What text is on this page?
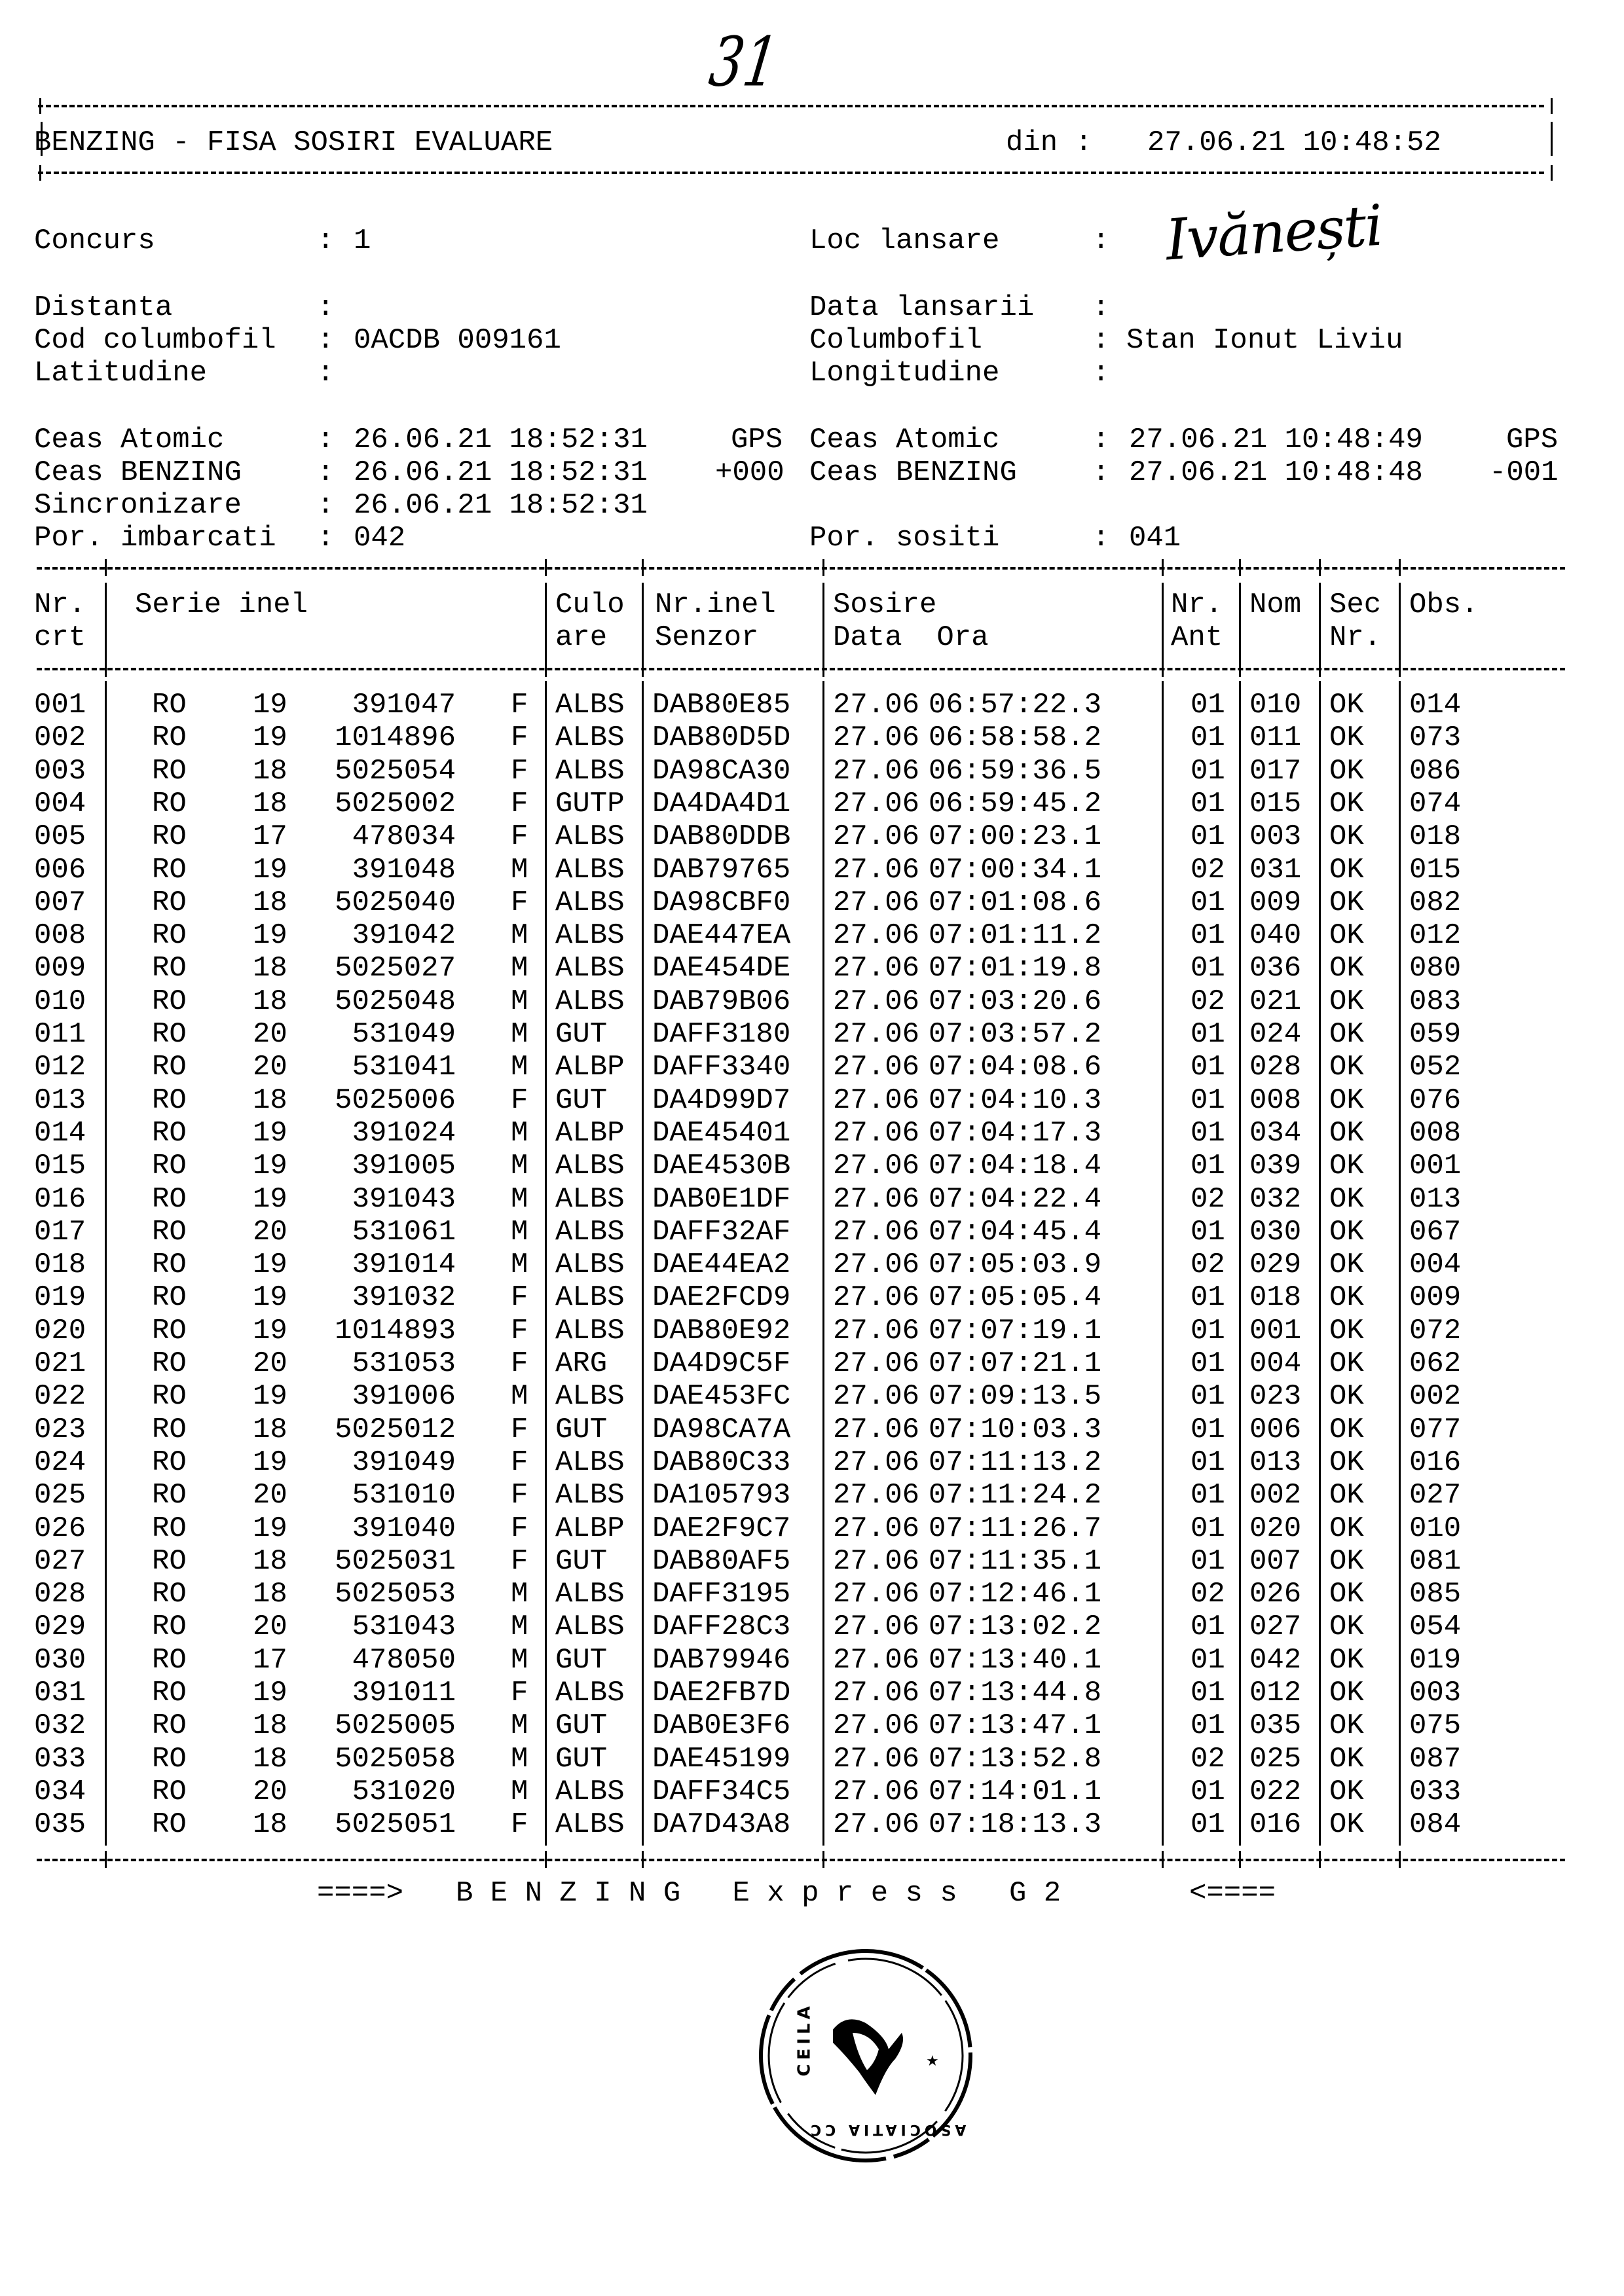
31
BENZING - FISA SOSIRI EVALUARE	din : 27.06.21 10:48:52
Concurs	: 1	Loc lansare	: Ivănești
Distanta	:	Data lansarii :
Cod columbofil : 0ACDB 009161	Columbofil	: Stan Ionut Liviu
Latitudine	:	Longitudine	:
Ceas Atomic	: 26.06.21 18:52:31	GPS Ceas Atomic	: 27.06.21 10:48:49	GPS
Ceas BENZING	: 26.06.21 18:52:31 +000 Ceas BENZING	: 27.06.21 10:48:48 -001
Sincronizare	: 26.06.21 18:52:31
Por. imbarcati : 042	Por. sositi	: 041
Nr.
crt
Serie inel	Culo
are
Nr.inel
Senzor
Sosire
Data  Ora
Nr.
Ant
Nom Sec
Nr.
Obs.
001 RO	19	391047 F ALBS DAB80E85	27.06 06:57:22.3	01 010 OK	014
002 RO	19	1014896 F ALBS DAB80D5D	27.06 06:58:58.2	01 011 OK	073
003 RO	18	5025054 F ALBS DA98CA30	27.06 06:59:36.5	01 017 OK	086
004 RO	18	5025002 F GUTP DA4DA4D1	27.06 06:59:45.2	01 015 OK	074
005 RO	17	478034 F ALBS DAB80DDB	27.06 07:00:23.1	01 003 OK	018
006 RO	19	391048 M ALBS DAB79765	27.06 07:00:34.1	02 031 OK	015
007 RO	18	5025040 F ALBS DA98CBF0	27.06 07:01:08.6	01 009 OK	082
008 RO	19	391042 M ALBS DAE447EA	27.06 07:01:11.2	01 040 OK	012
009 RO	18	5025027 M ALBS DAE454DE	27.06 07:01:19.8	01 036 OK	080
010 RO	18	5025048 M ALBS DAB79B06	27.06 07:03:20.6	02 021 OK	083
011 RO	20	531049 M GUT	DAFF3180	27.06 07:03:57.2	01 024 OK	059
012 RO	20	531041 M ALBP DAFF3340	27.06 07:04:08.6	01 028 OK	052
013 RO	18	5025006 F GUT	DA4D99D7	27.06 07:04:10.3	01 008 OK	076
014 RO	19	391024 M ALBP DAE45401	27.06 07:04:17.3	01 034 OK	008
015 RO	19	391005 M ALBS DAE4530B	27.06 07:04:18.4	01 039 OK	001
016 RO	19	391043 M ALBS DAB0E1DF	27.06 07:04:22.4	02 032 OK	013
017 RO	20	531061 M ALBS DAFF32AF	27.06 07:04:45.4	01 030 OK	067
018 RO	19	391014 M ALBS DAE44EA2	27.06 07:05:03.9	02 029 OK	004
019 RO	19	391032 F ALBS DAE2FCD9	27.06 07:05:05.4	01 018 OK	009
020 RO	19	1014893 F ALBS DAB80E92	27.06 07:07:19.1	01 001 OK	072
021 RO	20	531053 F ARG	DA4D9C5F	27.06 07:07:21.1	01 004 OK	062
022 RO	19	391006 M ALBS DAE453FC	27.06 07:09:13.5	01 023 OK	002
023 RO	18	5025012 F GUT	DA98CA7A	27.06 07:10:03.3	01 006 OK	077
024 RO	19	391049 F ALBS DAB80C33	27.06 07:11:13.2	01 013 OK	016
025 RO	20	531010 F ALBS DA105793	27.06 07:11:24.2	01 002 OK	027
026 RO	19	391040 F ALBP DAE2F9C7	27.06 07:11:26.7	01 020 OK	010
027 RO	18	5025031 F GUT	DAB80AF5	27.06 07:11:35.1	01 007 OK	081
028 RO	18	5025053 M ALBS DAFF3195	27.06 07:12:46.1	02 026 OK	085
029 RO	20	531043 M ALBS DAFF28C3	27.06 07:13:02.2	01 027 OK	054
030 RO	17	478050 M GUT	DAB79946	27.06 07:13:40.1	01 042 OK	019
031 RO	19	391011 F ALBS DAE2FB7D	27.06 07:13:44.8	01 012 OK	003
032 RO	18	5025005 M GUT	DAB0E3F6	27.06 07:13:47.1	01 035 OK	075
033 RO	18	5025058 M GUT	DAE45199	27.06 07:13:52.8	02 025 OK	087
034 RO	20	531020 M ALBS DAFF34C5	27.06 07:14:01.1	01 022 OK	033
035 RO	18	5025051 F ALBS DA7D43A8	27.06 07:18:13.3	01 016 OK	084
====> B E N Z I N G   E x p r e s s   G 2	<====
★
CEILA
ASOCIATIA CC
